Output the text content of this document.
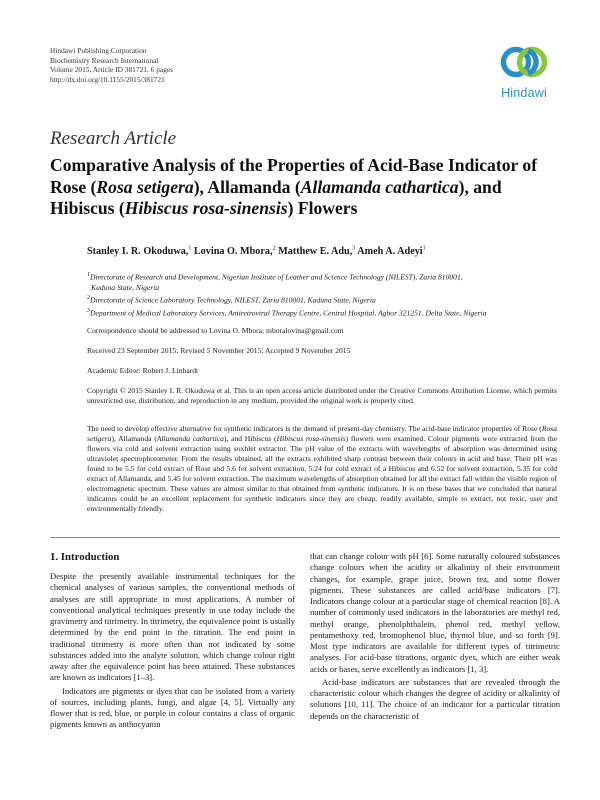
Hindawi Publishing Corporation
Biochemistry Research International
Volume 2015, Article ID 381721, 6 pages
http://dx.doi.org/10.1155/2015/381721
Hindawi
Research Article
Comparative Analysis of the Properties of Acid-Base Indicator of
Rose (Rosa setigera), Allamanda (Allamanda cathartica), and
Hibiscus (Hibiscus rosa-sinensis) Flowers
Stanley I. R. Okoduwa,$^1$ Lovina O. Mbora,$^2$ Matthew E. Adu,$^3$ Ameh A. Adeyi$^1$
$^1$Directorate of Research and Development, Nigerian Institute of Leather and Science Technology (NILEST), Zaria 810001,
Kaduna State, Nigeria
$^2$Directorate of Science Laboratory Technology, NILEST, Zaria 810001, Kaduna State, Nigeria
$^3$Department of Medical Laboratory Services, Antiretroviral Therapy Centre, Central Hospital, Agbor 321251, Delta State, Nigeria
Correspondence should be addressed to Lovina O. Mbora; mboralovina@gmail.com
Received 23 September 2015; Revised 5 November 2015; Accepted 9 November 2015
Academic Editor: Robert J. Linhardt
Copyright © 2015 Stanley I. R. Okoduwa et al. This is an open access article distributed under the Creative Commons Attribution License, which permits unrestricted use, distribution, and reproduction in any medium, provided the original work is properly cited.
The need to develop effective alternative for synthetic indicators is the demand of present-day chemistry. The acid-base indicator properties of Rose (Rosa setigera), Allamanda (Allamanda cathartica), and Hibiscus (Hibiscus rosa-sinensis) flowers were examined. Colour pigments were extracted from the flowers via cold and solvent extraction using soxhlet extractor. The pH value of the extracts with wavelengths of absorption was determined using ultraviolet spectrophotometer. From the results obtained, all the extracts exhibited sharp contrast between their colours in acid and base. Their pH was found to be 5.5 for cold extract of Rose and 5.6 for solvent extraction, 5.24 for cold extract of a Hibiscus and 6.52 for solvent extraction, 5.35 for cold extract of Allamanda, and 5.45 for solvent extraction. The maximum wavelengths of absorption obtained for all the extract fall within the visible region of electromagnetic spectrum. These values are almost similar to that obtained from synthetic indicators. It is on these bases that we concluded that natural indicators could be an excellent replacement for synthetic indicators since they are cheap, readily available, simple to extract, not toxic, user and environmentally friendly.
1. Introduction

Despite the presently available instrumental techniques for the chemical analyses of various samples, the conventional methods of analyses are still appropriate in most applications. A number of conventional analytical techniques presently in use today include the gravimetry and titrimetry. In titrimetry, the equivalence point is usually determined by the end point in the titration. The end point in traditional titrimetry is more often than not indicated by some substances added into the analyte solution, which change colour right away after the equivalence point has been attained. These substances are known as indicators [1–3].

Indicators are pigments or dyes that can be isolated from a variety of sources, including plants, fungi, and algae [4, 5]. Virtually any flower that is red, blue, or purple in colour contains a class of organic pigments known as anthocyanin

that can change colour with pH [6]. Some naturally coloured substances change colours when the acidity or alkalinity of their environment changes, for example, grape juice, brown tea, and some flower pigments. These substances are called acid/base indicators [7]. Indicators change colour at a particular stage of chemical reaction [8]. A number of commonly used indicators in the laboratories are methyl red, methyl orange, phenolphthalein, phenol red, methyl yellow, pentamethoxy red, bromophenol blue, thymol blue, and so forth [9]. Most type indicators are available for different types of titrimetric analyses. For acid-base titrations, organic dyes, which are either weak acids or bases, serve excellently as indicators [1, 3].

Acid-base indicators are substances that are revealed through the characteristic colour which changes the degree of acidity or alkalinity of solutions [10, 11]. The choice of an indicator for a particular titration depends on the characteristic of
